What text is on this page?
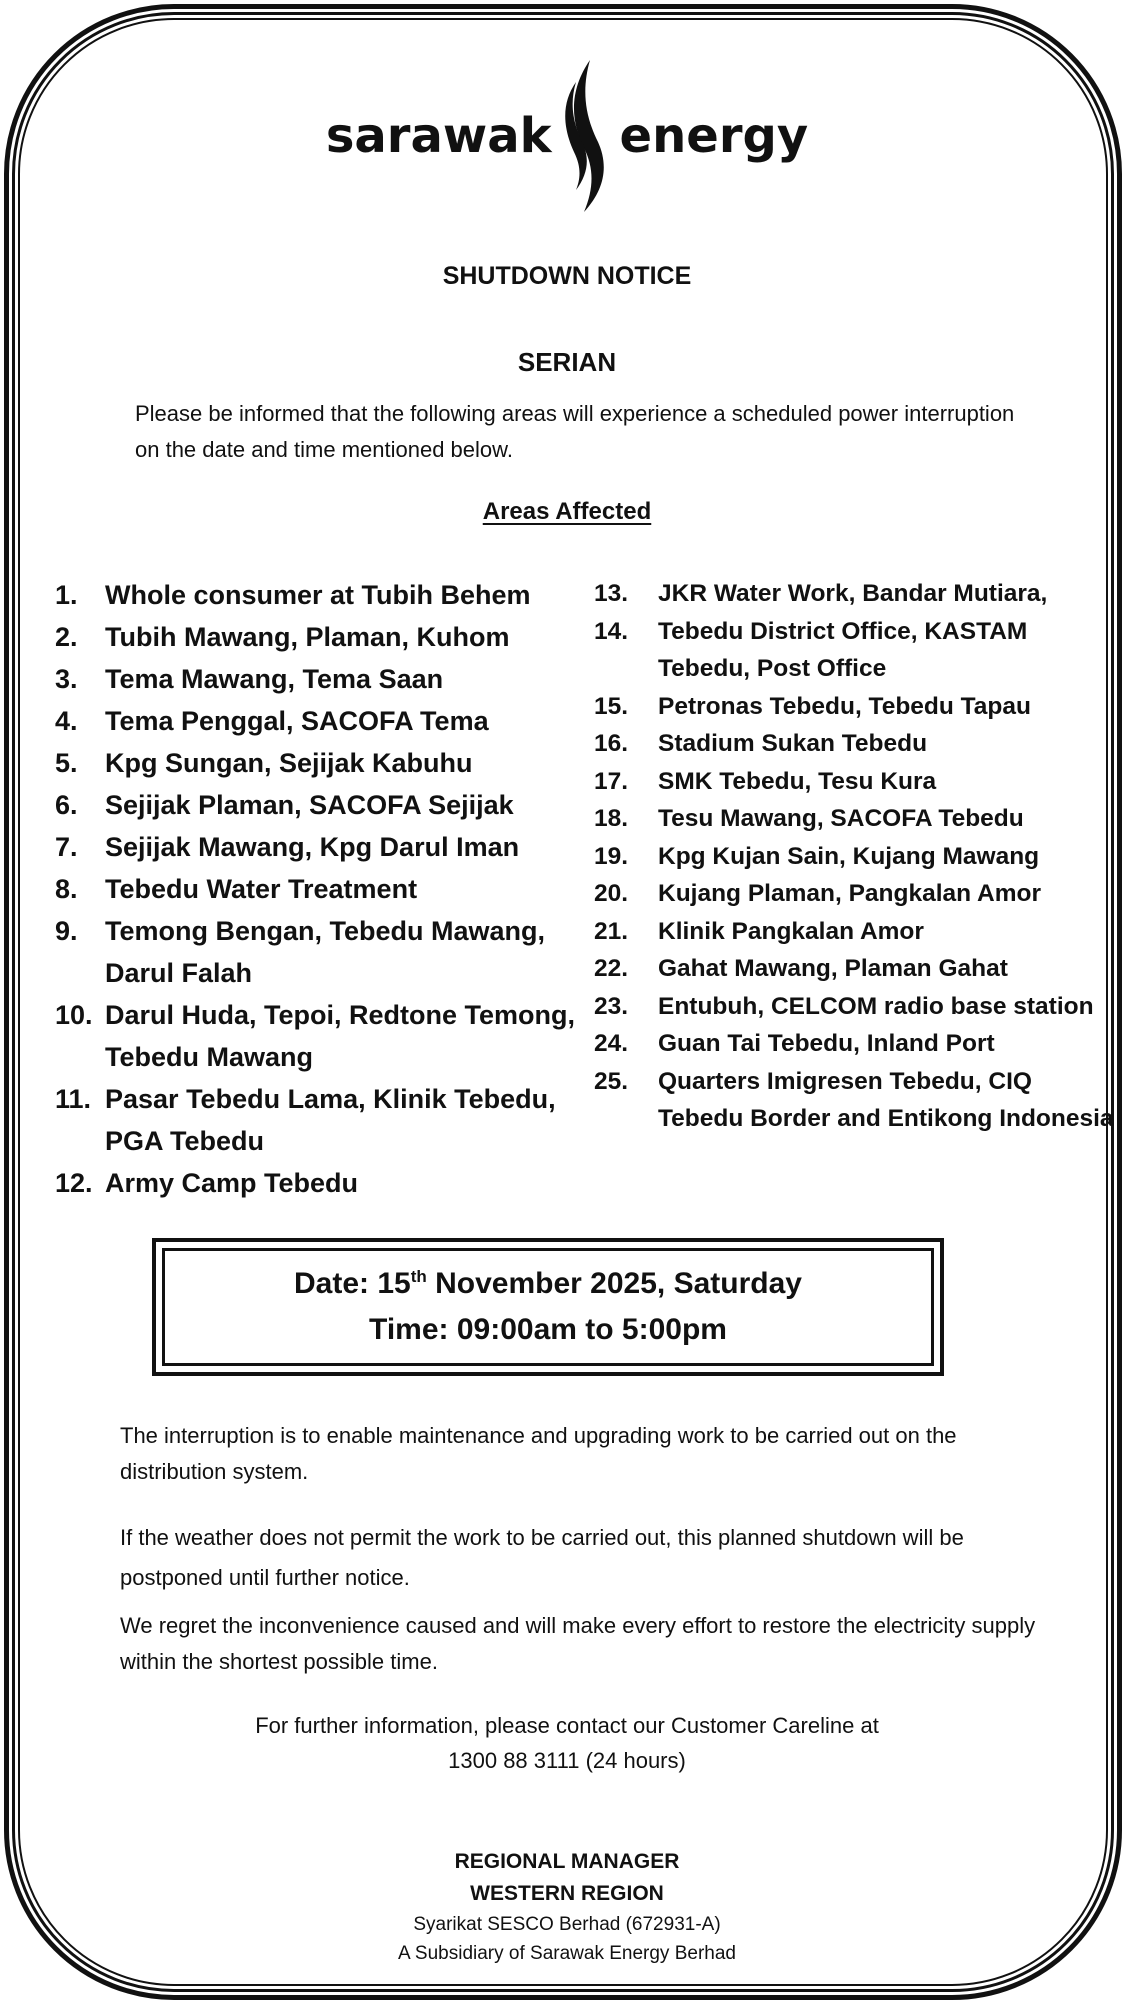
sarawak energy
SHUTDOWN NOTICE
SERIAN
Please be informed that the following areas will experience a scheduled power interruption on the date and time mentioned below.
Areas Affected
1.	Whole consumer at Tubih Behem
2.	Tubih Mawang, Plaman, Kuhom
3.	Tema Mawang, Tema Saan
4.	Tema Penggal, SACOFA Tema
5.	Kpg Sungan, Sejijak Kabuhu
6.	Sejijak Plaman, SACOFA Sejijak
7.	Sejijak Mawang, Kpg Darul Iman
8.	Tebedu Water Treatment
9.	Temong Bengan, Tebedu Mawang, Darul Falah
10. Darul Huda, Tepoi, Redtone Temong, Tebedu Mawang
11. Pasar Tebedu Lama, Klinik Tebedu, PGA Tebedu
12. Army Camp Tebedu
13.	JKR Water Work, Bandar Mutiara,
14.	Tebedu District Office, KASTAM Tebedu, Post Office
15.	Petronas Tebedu, Tebedu Tapau
16.	Stadium Sukan Tebedu
17.	SMK Tebedu, Tesu Kura
18.	Tesu Mawang, SACOFA Tebedu
19.	Kpg Kujan Sain, Kujang Mawang
20.	Kujang Plaman, Pangkalan Amor
21.	Klinik Pangkalan Amor
22.	Gahat Mawang, Plaman Gahat
23.	Entubuh, CELCOM radio base station
24.	Guan Tai Tebedu, Inland Port
25.	Quarters Imigresen Tebedu, CIQ Tebedu Border and Entikong Indonesia
Date: 15th November 2025, Saturday
Time: 09:00am to 5:00pm
The interruption is to enable maintenance and upgrading work to be carried out on the distribution system.
If the weather does not permit the work to be carried out, this planned shutdown will be postponed until further notice.
We regret the inconvenience caused and will make every effort to restore the electricity supply within the shortest possible time.
For further information, please contact our Customer Careline at
1300 88 3111 (24 hours)
REGIONAL MANAGER
WESTERN REGION
Syarikat SESCO Berhad (672931-A)
A Subsidiary of Sarawak Energy Berhad
